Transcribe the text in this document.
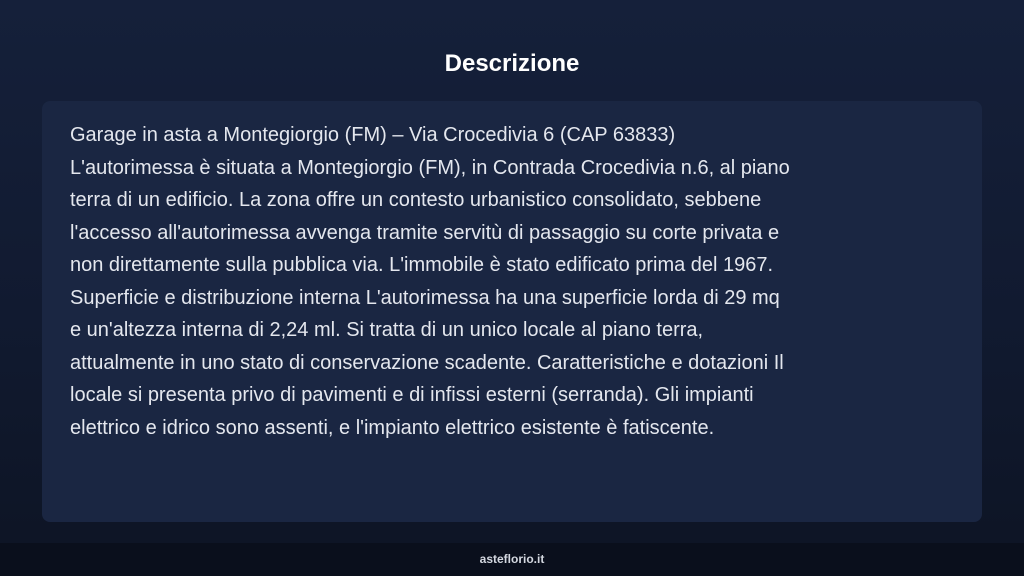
Descrizione

Garage in asta a Montegiorgio (FM) – Via Crocedivia 6 (CAP 63833)
L'autorimessa è situata a Montegiorgio (FM), in Contrada Crocedivia n.6, al piano
terra di un edificio. La zona offre un contesto urbanistico consolidato, sebbene
l'accesso all'autorimessa avvenga tramite servitù di passaggio su corte privata e
non direttamente sulla pubblica via. L'immobile è stato edificato prima del 1967.
Superficie e distribuzione interna L'autorimessa ha una superficie lorda di 29 mq
e un'altezza interna di 2,24 ml. Si tratta di un unico locale al piano terra,
attualmente in uno stato di conservazione scadente. Caratteristiche e dotazioni Il
locale si presenta privo di pavimenti e di infissi esterni (serranda). Gli impianti
elettrico e idrico sono assenti, e l'impianto elettrico esistente è fatiscente.

asteflorio.it
